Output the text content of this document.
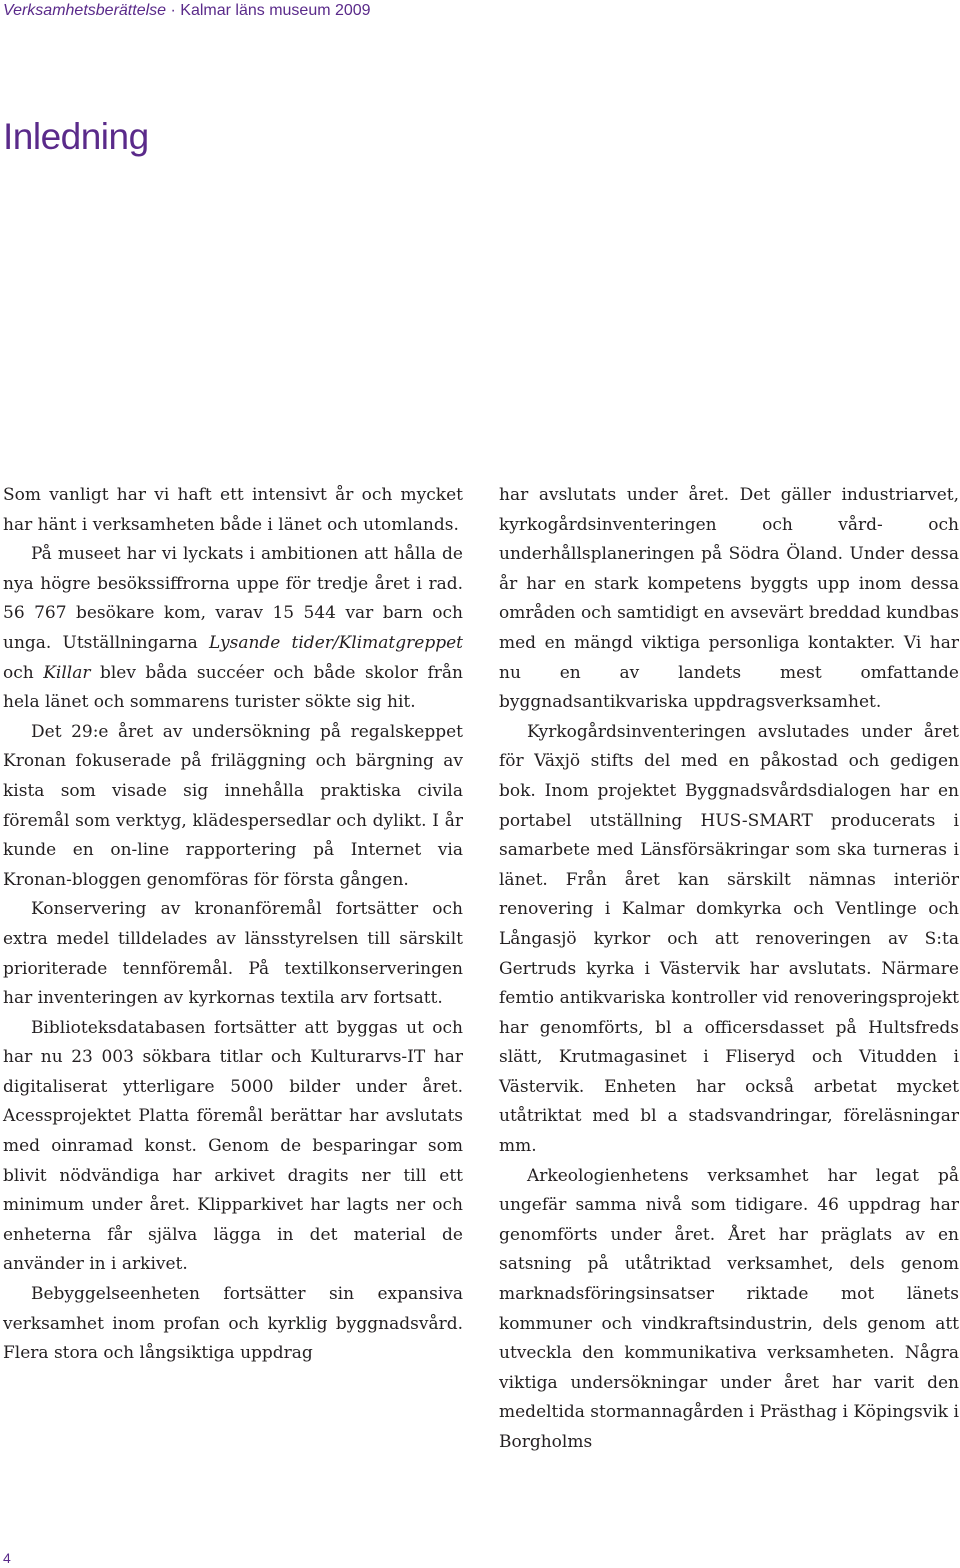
Verksamhetsberättelse · Kalmar läns museum 2009
Inledning

Som vanligt har vi haft ett intensivt år och mycket har hänt i verksamheten både i länet och utomlands.

På museet har vi lyckats i ambitionen att hålla de nya högre besökssiffrorna uppe för tredje året i rad. 56 767 besökare kom, varav 15 544 var barn och unga. Utställningarna Lysande tider/Klimatgreppet och Killar blev båda succéer och både skolor från hela länet och sommarens turister sökte sig hit.

Det 29:e året av undersökning på regalskeppet Kronan fokuserade på friläggning och bärgning av kista som visade sig innehålla praktiska civila föremål som verktyg, klädespersedlar och dylikt. I år kunde en on-line rapportering på Internet via Kronan-bloggen genomföras för första gången.

Konservering av kronanföremål fortsätter och extra medel tilldelades av länsstyrelsen till särskilt prioriterade tennföremål. På textilkonserveringen har inventeringen av kyrkornas textila arv fortsatt.

Biblioteksdatabasen fortsätter att byggas ut och har nu 23 003 sökbara titlar och Kulturarvs-IT har digitaliserat ytterligare 5000 bilder under året. Acessprojektet Platta föremål berättar har avslutats med oinramad konst. Genom de besparingar som blivit nödvändiga har arkivet dragits ner till ett minimum under året. Klipparkivet har lagts ner och enheterna får själva lägga in det material de använder in i arkivet.

Bebyggelseenheten fortsätter sin expansiva verksamhet inom profan och kyrklig byggnadsvård. Flera stora och långsiktiga uppdrag

har avslutats under året. Det gäller industriarvet, kyrkogårdsinventeringen och vård- och underhållsplaneringen på Södra Öland. Under dessa år har en stark kompetens byggts upp inom dessa områden och samtidigt en avsevärt breddad kundbas med en mängd viktiga personliga kontakter. Vi har nu en av landets mest omfattande byggnadsantikvariska uppdragsverksamhet.

Kyrkogårdsinventeringen avslutades under året för Växjö stifts del med en påkostad och gedigen bok. Inom projektet Byggnadsvårdsdialogen har en portabel utställning HUS-SMART producerats i samarbete med Länsförsäkringar som ska turneras i länet. Från året kan särskilt nämnas interiör renovering i Kalmar domkyrka och Ventlinge och Långasjö kyrkor och att renoveringen av S:ta Gertruds kyrka i Västervik har avslutats. Närmare femtio antikvariska kontroller vid renoveringsprojekt har genomförts, bl a officersdasset på Hultsfreds slätt, Krutmagasinet i Fliseryd och Vitudden i Västervik. Enheten har också arbetat mycket utåtriktat med bl a stadsvandringar, föreläsningar mm.

Arkeologienhetens verksamhet har legat på ungefär samma nivå som tidigare. 46 uppdrag har genomförts under året. Året har präglats av en satsning på utåtriktad verksamhet, dels genom marknadsföringsinsatser riktade mot länets kommuner och vindkraftsindustrin, dels genom att utveckla den kommunikativa verksamheten. Några viktiga undersökningar under året har varit den medeltida stormannagården i Prästhag i Köpingsvik i Borgholms

4
